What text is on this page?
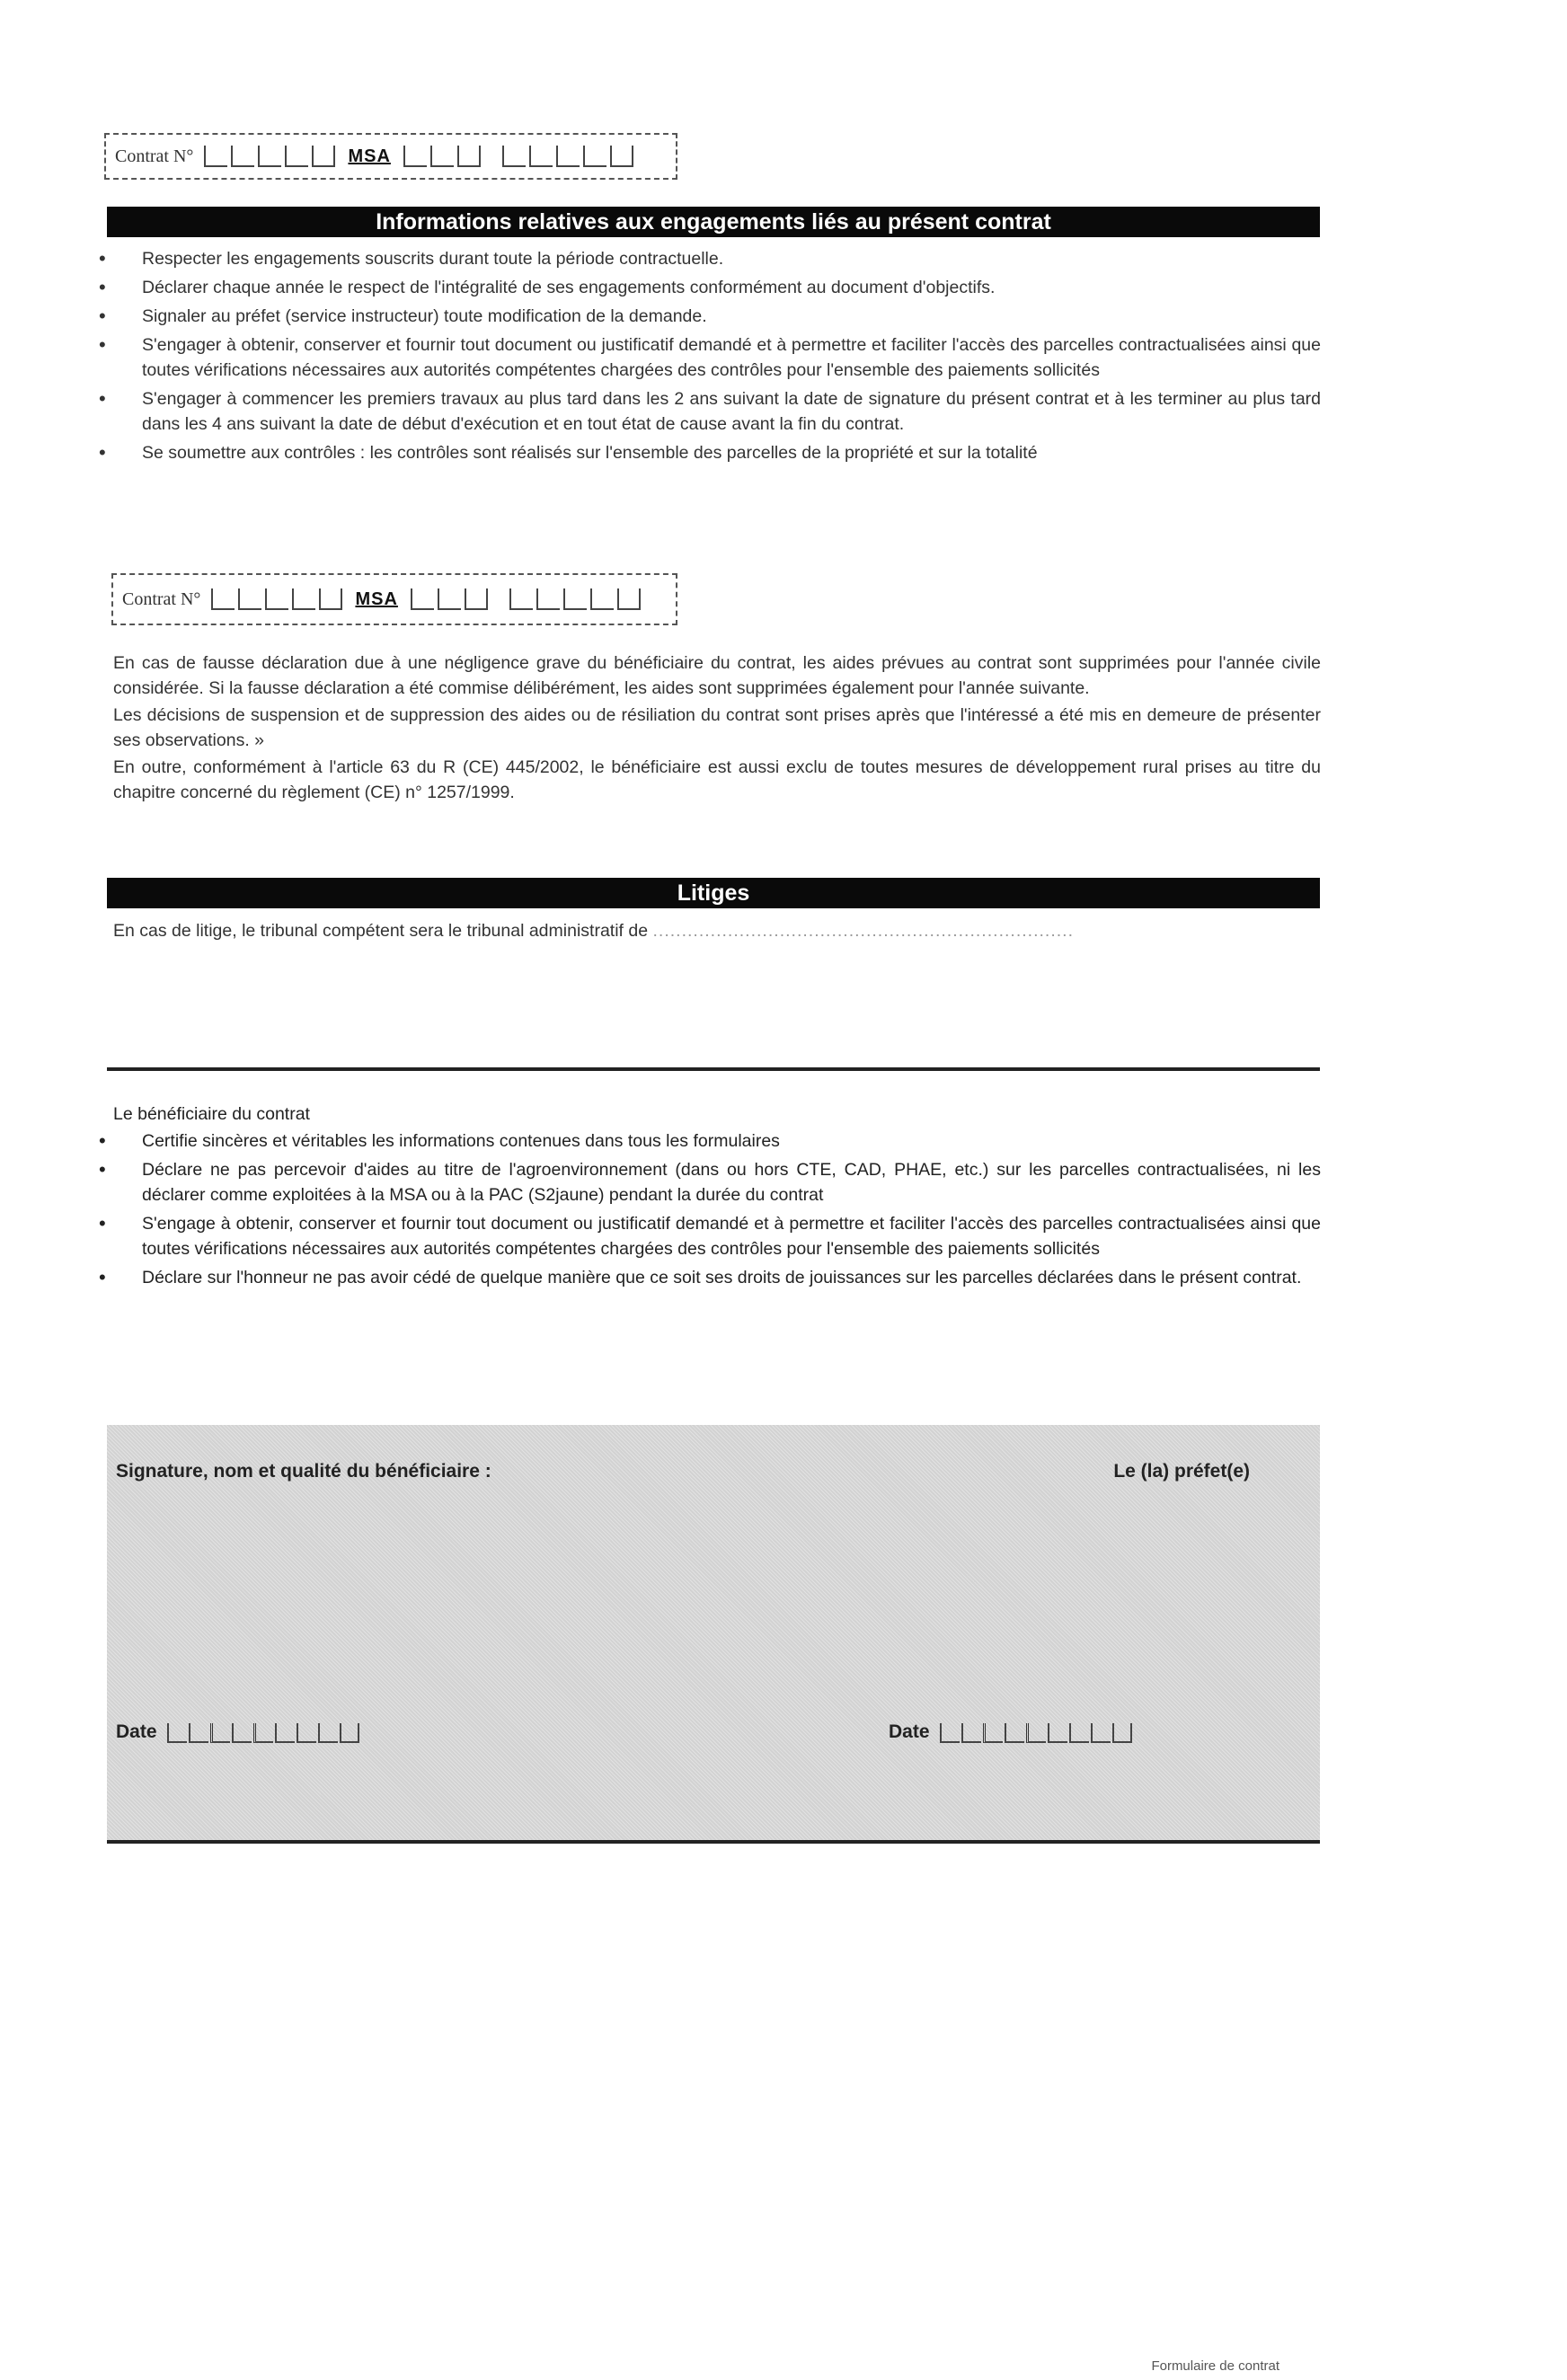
Contrat N°	MSA
Informations relatives aux engagements liés au présent contrat
•
Respecter les engagements souscrits durant toute la période contractuelle.
•
Déclarer chaque année le respect de l'intégralité de ses engagements conformément au document d'objectifs.
•
Signaler au préfet (service instructeur) toute modification de la demande.
•
S'engager à obtenir, conserver et fournir tout document ou justificatif demandé et à permettre et faciliter l'accès des parcelles contractualisées ainsi que toutes vérifications nécessaires aux autorités compétentes chargées des contrôles pour l'ensemble des paiements sollicités
•
S'engager à commencer les premiers travaux au plus tard dans les 2 ans suivant la date de signature du présent contrat et à les terminer au plus tard dans les 4 ans suivant la date de début d'exécution et en tout état de cause avant la fin du contrat.
•
Se soumettre aux contrôles : les contrôles sont réalisés sur l'ensemble des parcelles de la propriété et sur la totalité
Contrat N°	MSA

En cas de fausse déclaration due à une négligence grave du bénéficiaire du contrat, les aides prévues au contrat sont supprimées pour l'année civile considérée. Si la fausse déclaration a été commise délibérément, les aides sont supprimées également pour l'année suivante.

Les décisions de suspension et de suppression des aides ou de résiliation du contrat sont prises après que l'intéressé a été mis en demeure de présenter ses observations. »

En outre, conformément à l'article 63 du R (CE) 445/2002, le bénéficiaire est aussi exclu de toutes mesures de développement rural prises au titre du chapitre concerné du règlement (CE) n° 1257/1999.

Litiges
En cas de litige, le tribunal compétent sera le tribunal administratif de .........................................................................
Le bénéficiaire du contrat
•
Certifie sincères et véritables les informations contenues dans tous les formulaires
•
Déclare ne pas percevoir d'aides au titre de l'agroenvironnement (dans ou hors CTE, CAD, PHAE, etc.) sur les parcelles contractualisées, ni les déclarer comme exploitées à la MSA ou à la PAC (S2jaune) pendant la durée du contrat
•
S'engage à obtenir, conserver et fournir tout document ou justificatif demandé et à permettre et faciliter l'accès des parcelles contractualisées ainsi que toutes vérifications nécessaires aux autorités compétentes chargées des contrôles pour l'ensemble des paiements sollicités
•
Déclare sur l'honneur ne pas avoir cédé de quelque manière que ce soit ses droits de jouissances sur les parcelles déclarées dans le présent contrat.
Signature, nom et qualité du bénéficiaire :	Le (la) préfet(e)
Date	Date
Formulaire de contrat
